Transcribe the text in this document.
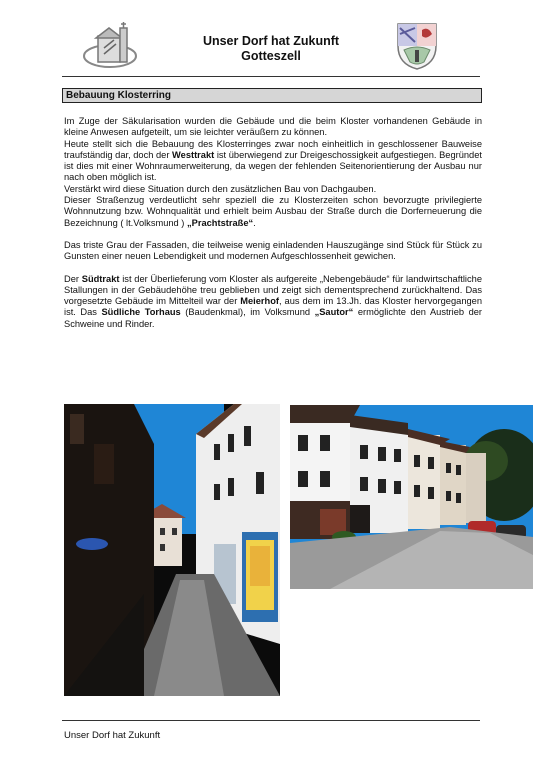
Unser Dorf hat Zukunft
Gotteszell
Bebauung Klosterring

Im Zuge der Säkularisation wurden die Gebäude und die beim Kloster vorhandenen Gebäude in kleine Anwesen aufgeteilt, um sie leichter veräußern zu können.
Heute stellt sich die Bebauung des Klosterringes zwar noch einheitlich in geschlossener Bauweise traufständig dar, doch der Westtrakt ist überwiegend zur Dreigeschossigkeit aufgestiegen. Begründet ist dies mit einer Wohnraumerweiterung, da wegen der fehlenden Seitenorientierung der Ausbau nur nach oben möglich ist.
Verstärkt wird diese Situation durch den zusätzlichen Bau von Dachgauben.
Dieser Straßenzug verdeutlicht sehr speziell die zu Klosterzeiten schon bevorzugte privilegierte Wohnnutzung bzw. Wohnqualität und erhielt beim Ausbau der Straße durch die Dorferneuerung die Bezeichnung ( lt.Volksmund ) „Prachtstraße“.

Das triste Grau der Fassaden, die teilweise wenig einladenden Hauszugänge sind Stück für Stück zu Gunsten einer neuen Lebendigkeit und modernen Aufgeschlossenheit gewichen.

Der Südtrakt ist der Überlieferung vom Kloster als aufgereite „Nebengebäude“ für landwirtschaftliche Stallungen in der Gebäudehöhe treu geblieben und zeigt sich dementsprechend zurückhaltend. Das vorgesetzte Gebäude im Mittelteil war der Meierhof, aus dem im 13.Jh. das Kloster hervorgegangen ist. Das Südliche Torhaus (Baudenkmal), im Volksmund „Sautor“ ermöglichte den Austrieb der Schweine und Rinder.

Unser Dorf hat Zukunft
